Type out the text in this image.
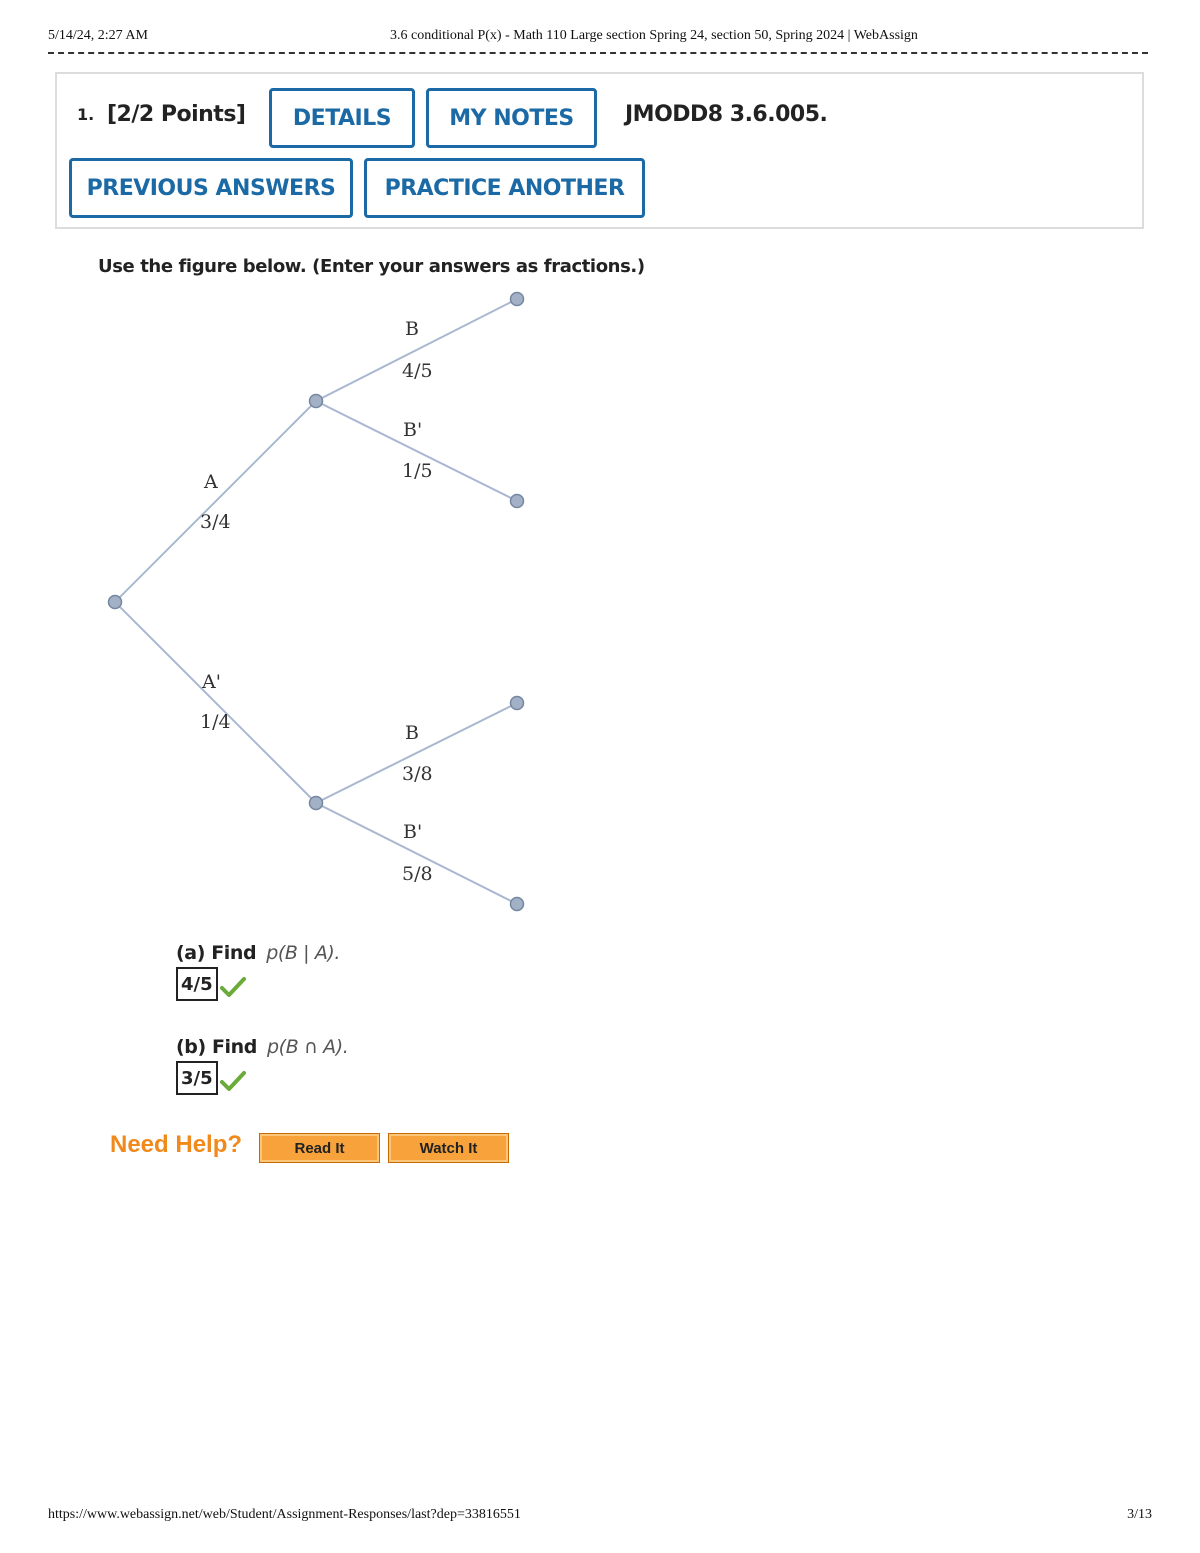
5/14/24, 2:27 AM	3.6 conditional P(x) - Math 110 Large section Spring 24, section 50, Spring 2024 | WebAssign
1. [2/2 Points]	DETAILS	MY NOTES	JMODD8 3.6.005.
PREVIOUS ANSWERS	PRACTICE ANOTHER
Use the figure below. (Enter your answers as fractions.)
A
3/4
A'
1/4
B
4/5
B'
1/5
B
3/8
B'
5/8
(a) Find p(B | A).
4/5
(b) Find p(B ∩ A).
3/5
Need Help?	Read It	Watch It
https://www.webassign.net/web/Student/Assignment-Responses/last?dep=33816551	3/13
